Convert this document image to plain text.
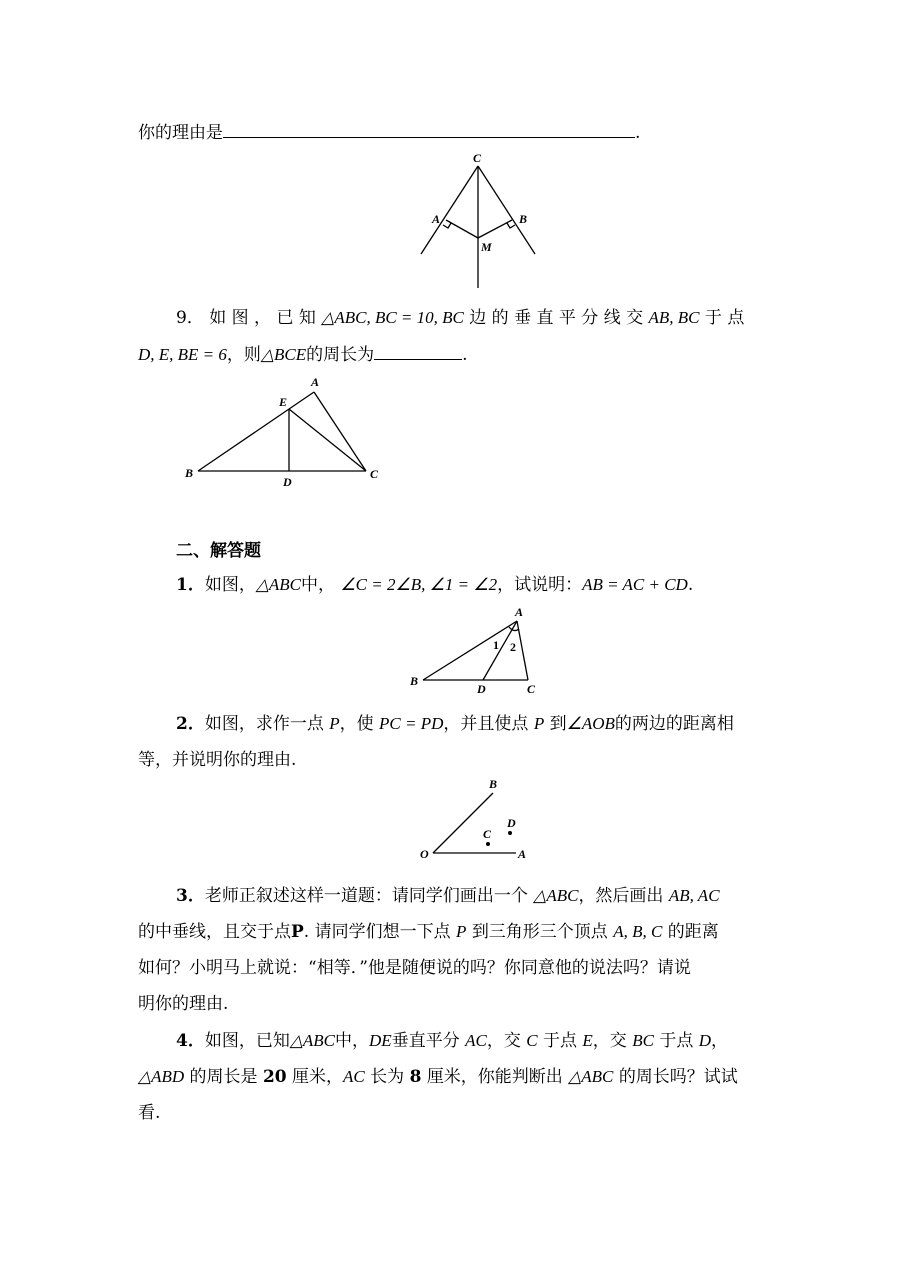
你的理由是	.
C
A	B
M
9． 如 图 ， 已 知 △ABC, BC = 10, BC 边 的 垂 直 平 分 线 交 AB, BC 于 点
D, E, BE = 6，则△BCE的周长为	.
A
E
B
D
C
二、解答题
1．如图，△ABC中， ∠C = 2∠B, ∠1 = ∠2，试说明：AB = AC + CD.
A
B
D	C
1 2
2．如图，求作一点 P，使 PC = PD，并且使点 P 到∠AOB的两边的距离相
等，并说明你的理由.
B
D
C
O	A
3．老师正叙述这样一道题：请同学们画出一个 △ABC，然后画出 AB, AC
的中垂线，且交于点P. 请同学们想一下点 P 到三角形三个顶点 A, B, C 的距离
如何？小明马上就说：“相等．”他是随便说的吗？你同意他的说法吗？请说
明你的理由.
4．如图，已知△ABC中，DE垂直平分 AC，交 C 于点 E，交 BC 于点 D，
△ABD 的周长是 20 厘米，AC 长为 8 厘米，你能判断出 △ABC 的周长吗？试试
看.
